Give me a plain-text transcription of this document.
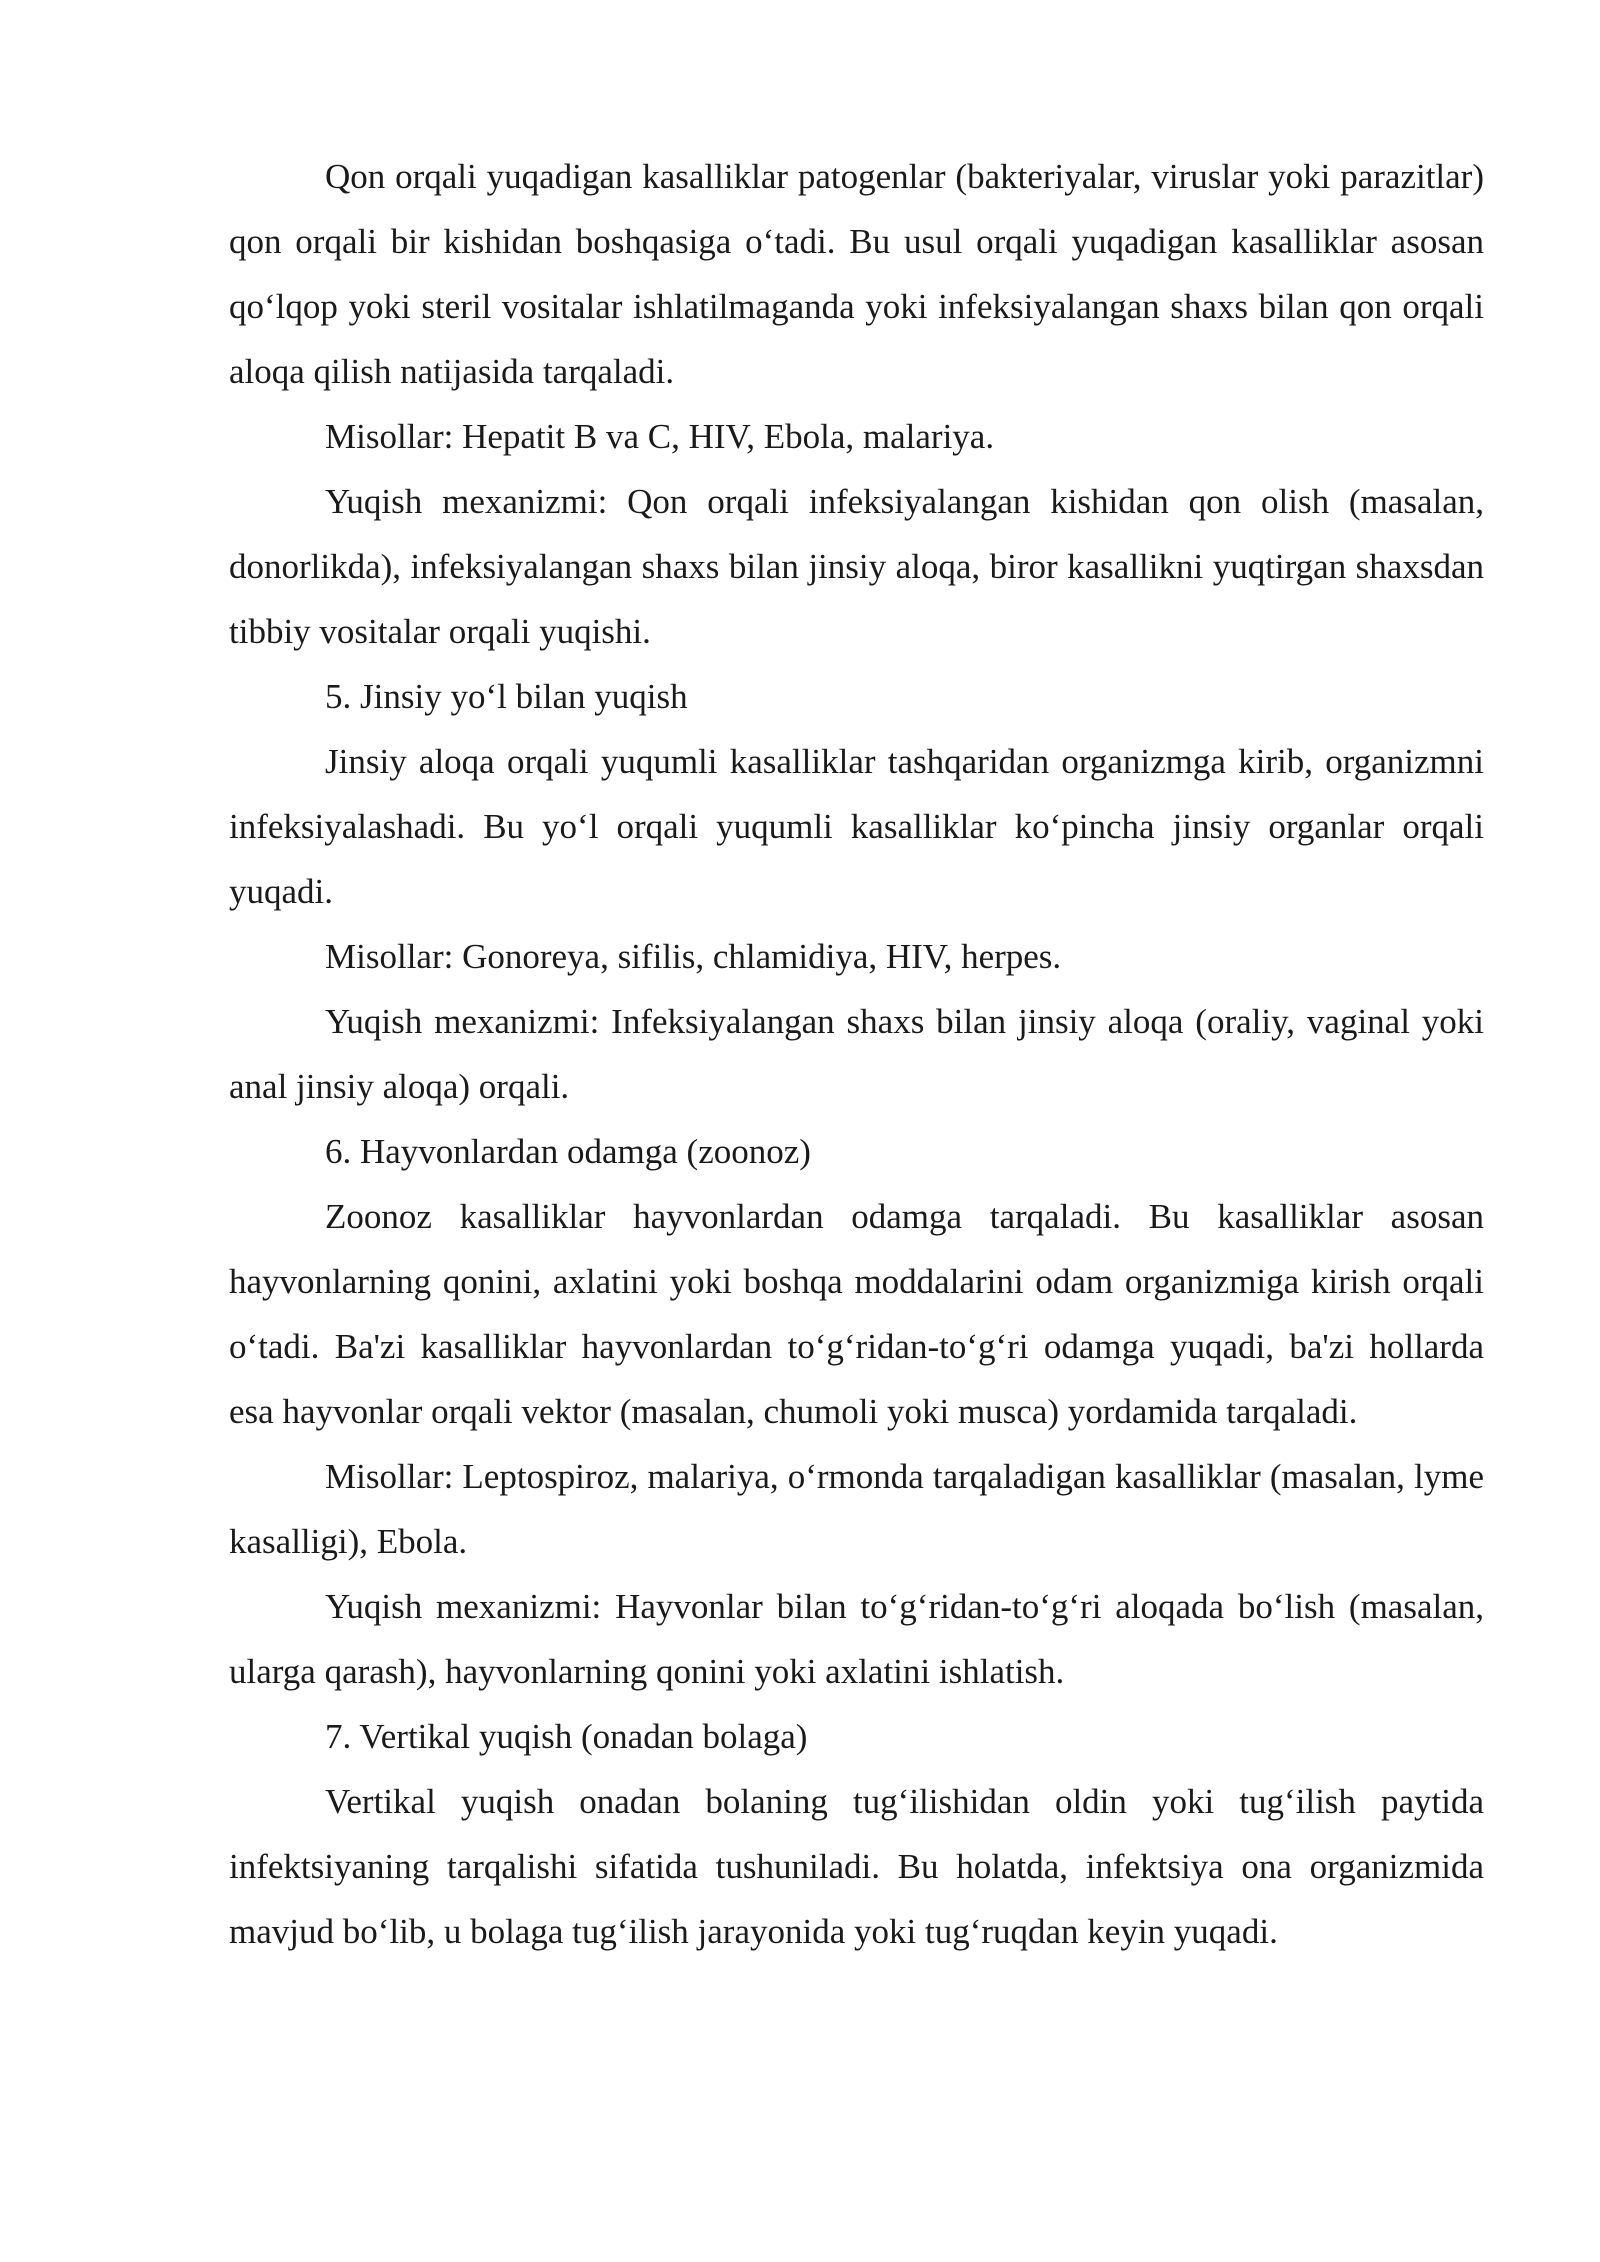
Qon orqali yuqadigan kasalliklar patogenlar (bakteriyalar, viruslar yoki parazitlar) qon orqali bir kishidan boshqasiga o‘tadi. Bu usul orqali yuqadigan kasalliklar asosan qo‘lqop yoki steril vositalar ishlatilmaganda yoki infeksiyalangan shaxs bilan qon orqali aloqa qilish natijasida tarqaladi.

Misollar: Hepatit B va C, HIV, Ebola, malariya.

Yuqish mexanizmi: Qon orqali infeksiyalangan kishidan qon olish (masalan, donorlikda), infeksiyalangan shaxs bilan jinsiy aloqa, biror kasallikni yuqtirgan shaxsdan tibbiy vositalar orqali yuqishi.

5. Jinsiy yo‘l bilan yuqish

Jinsiy aloqa orqali yuqumli kasalliklar tashqaridan organizmga kirib, organizmni infeksiyalashadi. Bu yo‘l orqali yuqumli kasalliklar ko‘pincha jinsiy organlar orqali yuqadi.

Misollar: Gonoreya, sifilis, chlamidiya, HIV, herpes.

Yuqish mexanizmi: Infeksiyalangan shaxs bilan jinsiy aloqa (oraliy, vaginal yoki anal jinsiy aloqa) orqali.

6. Hayvonlardan odamga (zoonoz)

Zoonoz kasalliklar hayvonlardan odamga tarqaladi. Bu kasalliklar asosan hayvonlarning qonini, axlatini yoki boshqa moddalarini odam organizmiga kirish orqali o‘tadi. Ba'zi kasalliklar hayvonlardan to‘g‘ridan-to‘g‘ri odamga yuqadi, ba'zi hollarda esa hayvonlar orqali vektor (masalan, chumoli yoki musca) yordamida tarqaladi.

Misollar: Leptospiroz, malariya, o‘rmonda tarqaladigan kasalliklar (masalan, lyme kasalligi), Ebola.

Yuqish mexanizmi: Hayvonlar bilan to‘g‘ridan-to‘g‘ri aloqada bo‘lish (masalan, ularga qarash), hayvonlarning qonini yoki axlatini ishlatish.

7. Vertikal yuqish (onadan bolaga)

Vertikal yuqish onadan bolaning tug‘ilishidan oldin yoki tug‘ilish paytida infektsiyaning tarqalishi sifatida tushuniladi. Bu holatda, infektsiya ona organizmida mavjud bo‘lib, u bolaga tug‘ilish jarayonida yoki tug‘ruqdan keyin yuqadi.
